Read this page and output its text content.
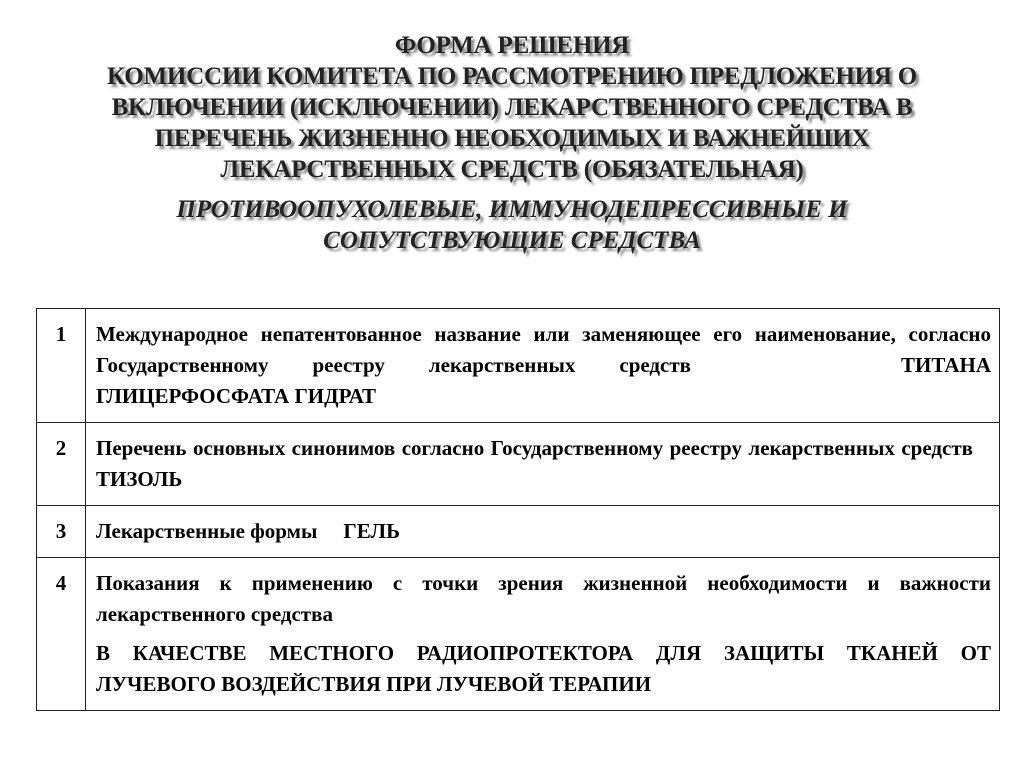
ФОРМА РЕШЕНИЯ
КОМИССИИ КОМИТЕТА ПО РАССМОТРЕНИЮ ПРЕДЛОЖЕНИЯ О
ВКЛЮЧЕНИИ (ИСКЛЮЧЕНИИ) ЛЕКАРСТВЕННОГО СРЕДСТВА В
ПЕРЕЧЕНЬ ЖИЗНЕННО НЕОБХОДИМЫХ И ВАЖНЕЙШИХ
ЛЕКАРСТВЕННЫХ СРЕДСТВ (ОБЯЗАТЕЛЬНАЯ)
ПРОТИВООПУХОЛЕВЫЕ, ИММУНОДЕПРЕССИВНЫЕ И
СОПУТСТВУЮЩИЕ СРЕДСТВА
1	Международное непатентованное название или заменяющее его наименование, согласно Государственному реестру лекарственных средств ТИТАНА ГЛИЦЕРФОСФАТА ГИДРАТ
2	Перечень основных синонимов согласно Государственному реестру лекарственных средствТИЗОЛЬ
3	Лекарственные формы ГЕЛЬ
4	Показания к применению с точки зрения жизненной необходимости и важности лекарственного средства
В КАЧЕСТВЕ МЕСТНОГО РАДИОПРОТЕКТОРА ДЛЯ ЗАЩИТЫ ТКАНЕЙ ОТ ЛУЧЕВОГО ВОЗДЕЙСТВИЯ ПРИ ЛУЧЕВОЙ ТЕРАПИИ
